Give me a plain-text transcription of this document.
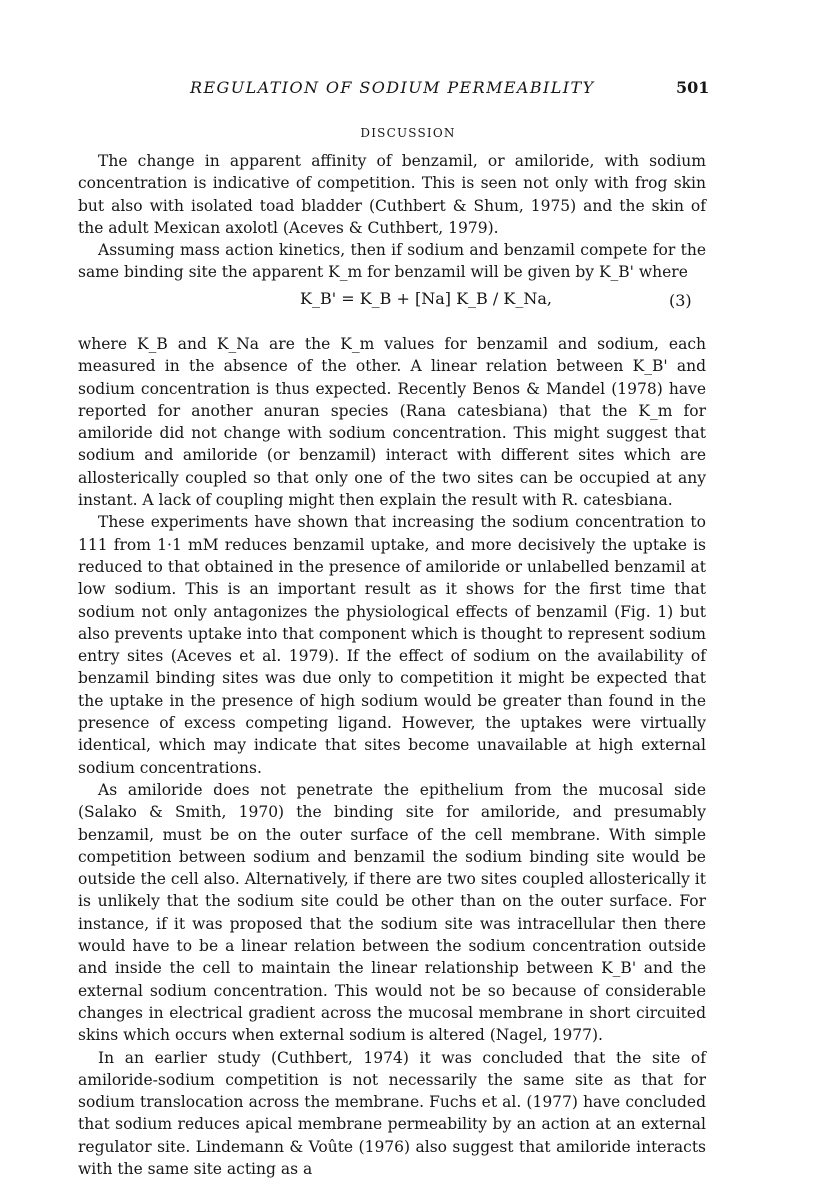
REGULATION OF SODIUM PERMEABILITY	501
DISCUSSION

The change in apparent affinity of benzamil, or amiloride, with sodium concentration is indicative of competition. This is seen not only with frog skin but also with isolated toad bladder (Cuthbert & Shum, 1975) and the skin of the adult Mexican axolotl (Aceves & Cuthbert, 1979).

Assuming mass action kinetics, then if sodium and benzamil compete for the same binding site the apparent K_m for benzamil will be given by K_B' where

K_B' = K_B + [Na] K_B / K_Na,	(3)

where K_B and K_Na are the K_m values for benzamil and sodium, each measured in the absence of the other. A linear relation between K_B' and sodium concentration is thus expected. Recently Benos & Mandel (1978) have reported for another anuran species (Rana catesbiana) that the K_m for amiloride did not change with sodium concentration. This might suggest that sodium and amiloride (or benzamil) interact with different sites which are allosterically coupled so that only one of the two sites can be occupied at any instant. A lack of coupling might then explain the result with R. catesbiana.

These experiments have shown that increasing the sodium concentration to 111 from 1·1 mM reduces benzamil uptake, and more decisively the uptake is reduced to that obtained in the presence of amiloride or unlabelled benzamil at low sodium. This is an important result as it shows for the first time that sodium not only antagonizes the physiological effects of benzamil (Fig. 1) but also prevents uptake into that component which is thought to represent sodium entry sites (Aceves et al. 1979). If the effect of sodium on the availability of benzamil binding sites was due only to competition it might be expected that the uptake in the presence of high sodium would be greater than found in the presence of excess competing ligand. However, the uptakes were virtually identical, which may indicate that sites become unavailable at high external sodium concentrations.

As amiloride does not penetrate the epithelium from the mucosal side (Salako & Smith, 1970) the binding site for amiloride, and presumably benzamil, must be on the outer surface of the cell membrane. With simple competition between sodium and benzamil the sodium binding site would be outside the cell also. Alternatively, if there are two sites coupled allosterically it is unlikely that the sodium site could be other than on the outer surface. For instance, if it was proposed that the sodium site was intracellular then there would have to be a linear relation between the sodium concentration outside and inside the cell to maintain the linear relationship between K_B' and the external sodium concentration. This would not be so because of considerable changes in electrical gradient across the mucosal membrane in short circuited skins which occurs when external sodium is altered (Nagel, 1977).

In an earlier study (Cuthbert, 1974) it was concluded that the site of amiloride-sodium competition is not necessarily the same site as that for sodium translocation across the membrane. Fuchs et al. (1977) have concluded that sodium reduces apical membrane permeability by an action at an external regulator site. Lindemann & Voûte (1976) also suggest that amiloride interacts with the same site acting as a
